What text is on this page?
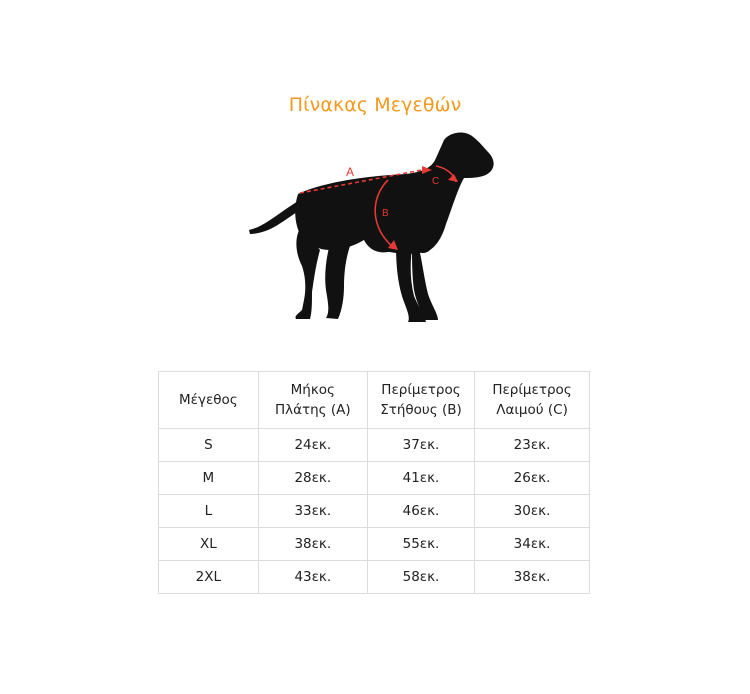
Πίνακας Μεγεθών
A
B
C
Μέγεθος	Μήκος Πλάτης (A)	Περίμετρος Στήθους (B)	Περίμετρος Λαιμού (C)
S	24εκ.	37εκ.	23εκ.
M	28εκ.	41εκ.	26εκ.
L	33εκ.	46εκ.	30εκ.
XL	38εκ.	55εκ.	34εκ.
2XL	43εκ.	58εκ.	38εκ.
